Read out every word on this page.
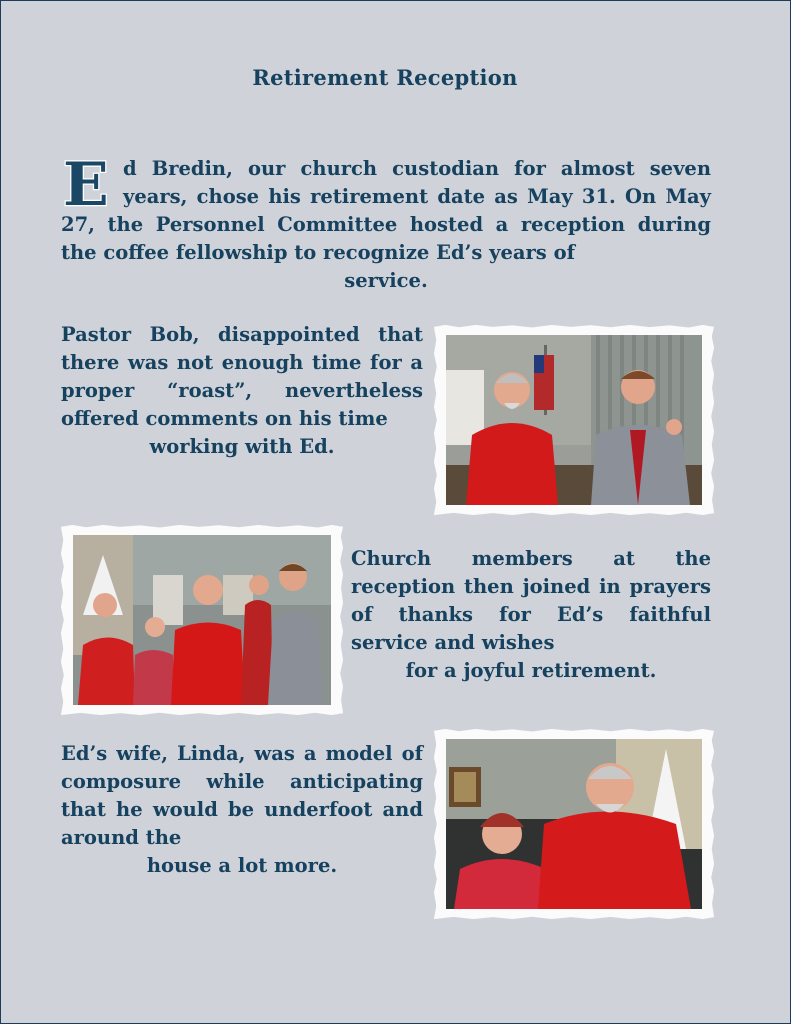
Retirement Reception

E d Bredin, our church custodian for almost seven years, chose his retirement date as May 31. On May 27, the Personnel Committee hosted a reception during the coffee fellowship to recognize Ed’s years of
service.

Pastor Bob, disappointed that there was not enough time for a proper “roast”, nevertheless offered comments on his time
working with Ed.

Church members at the reception then joined in prayers of thanks for Ed’s faithful service and wishes
for a joyful retirement.

Ed’s wife, Linda, was a model of composure while anticipating that he would be underfoot and around the
house a lot more.
